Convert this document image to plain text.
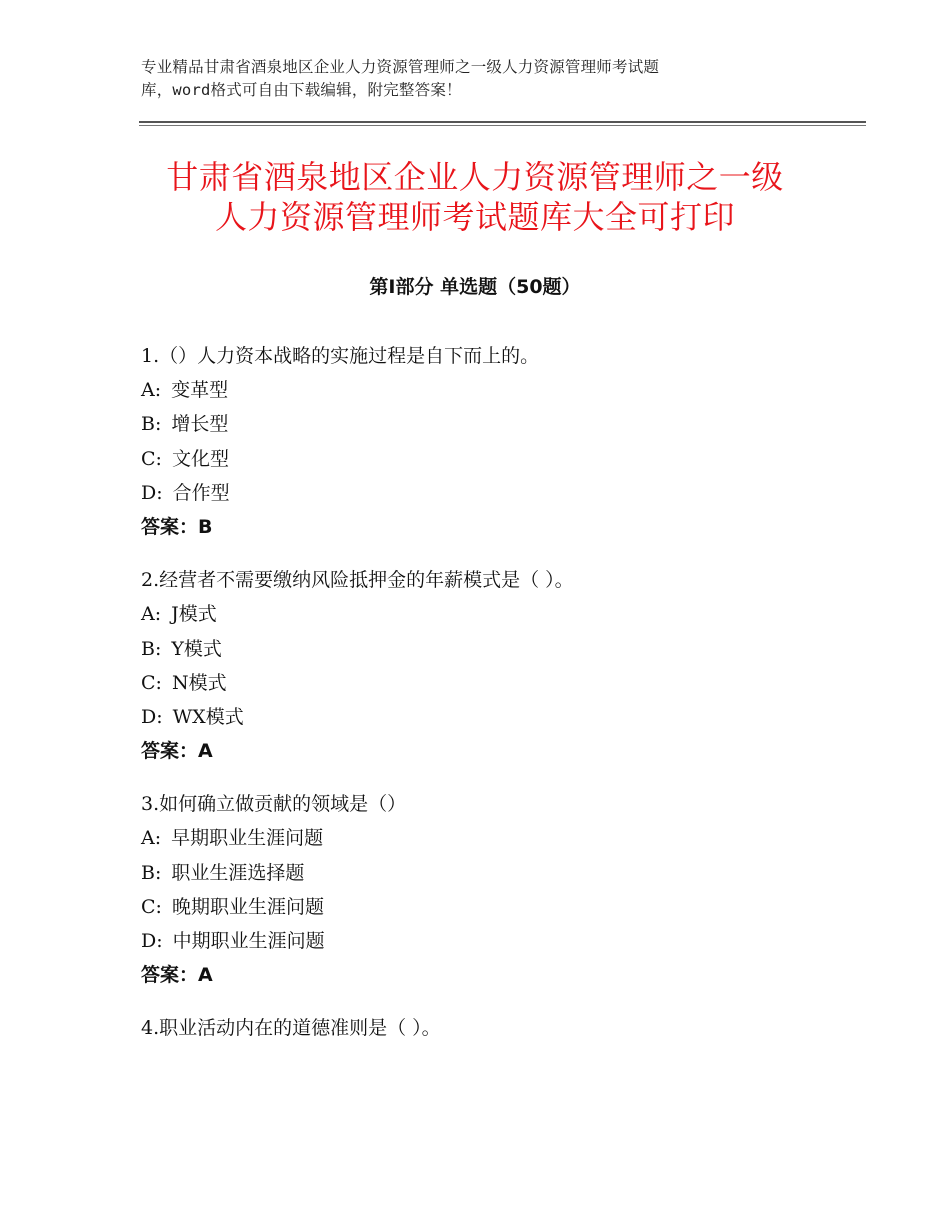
专业精品甘肃省酒泉地区企业人力资源管理师之一级人力资源管理师考试题
库，word格式可自由下载编辑，附完整答案！
甘肃省酒泉地区企业人力资源管理师之一级
人力资源管理师考试题库大全可打印
第Ⅰ部分 单选题（50题）
1.（）人力资本战略的实施过程是自下而上的。
A: 变革型
B: 增长型
C: 文化型
D: 合作型
答案：B
2.经营者不需要缴纳风险抵押金的年薪模式是（ ）。
A: J模式
B: Y模式
C: N模式
D: WX模式
答案：A
3.如何确立做贡献的领域是（）
A: 早期职业生涯问题
B: 职业生涯选择题
C: 晚期职业生涯问题
D: 中期职业生涯问题
答案：A
4.职业活动内在的道德准则是（ ）。
